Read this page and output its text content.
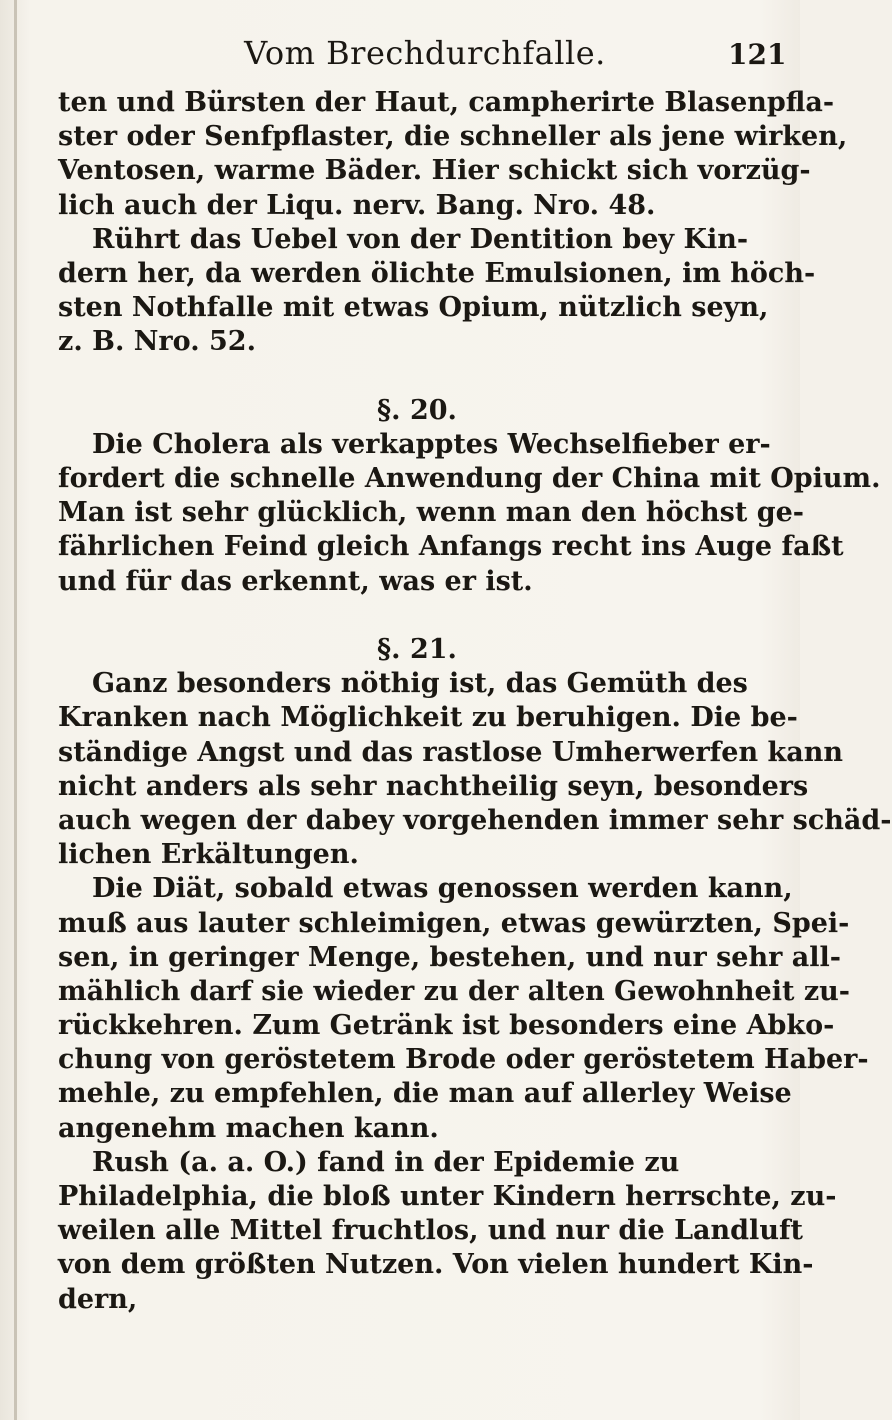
Vom Brechdurchfalle.	121
ten und Bürsten der Haut, campherirte Blasenpfla-
ster oder Senfpflaster, die schneller als jene wirken,
Ventosen, warme Bäder. Hier schickt sich vorzüg-
lich auch der Liqu. nerv. Bang. Nro. 48.
Rührt das Uebel von der Dentition bey Kin-
dern her, da werden ölichte Emulsionen, im höch-
sten Nothfalle mit etwas Opium, nützlich seyn,
z. B. Nro. 52.
§. 20.
Die Cholera als verkapptes Wechselfieber er-
fordert die schnelle Anwendung der China mit Opium.
Man ist sehr glücklich, wenn man den höchst ge-
fährlichen Feind gleich Anfangs recht ins Auge faßt
und für das erkennt, was er ist.
§. 21.
Ganz besonders nöthig ist, das Gemüth des
Kranken nach Möglichkeit zu beruhigen. Die be-
ständige Angst und das rastlose Umherwerfen kann
nicht anders als sehr nachtheilig seyn, besonders
auch wegen der dabey vorgehenden immer sehr schäd-
lichen Erkältungen.
Die Diät, sobald etwas genossen werden kann,
muß aus lauter schleimigen, etwas gewürzten, Spei-
sen, in geringer Menge, bestehen, und nur sehr all-
mählich darf sie wieder zu der alten Gewohnheit zu-
rückkehren. Zum Getränk ist besonders eine Abko-
chung von geröstetem Brode oder geröstetem Haber-
mehle, zu empfehlen, die man auf allerley Weise
angenehm machen kann.
Rush (a. a. O.) fand in der Epidemie zu
Philadelphia, die bloß unter Kindern herrschte, zu-
weilen alle Mittel fruchtlos, und nur die Landluft
von dem größten Nutzen. Von vielen hundert Kin-
dern,
